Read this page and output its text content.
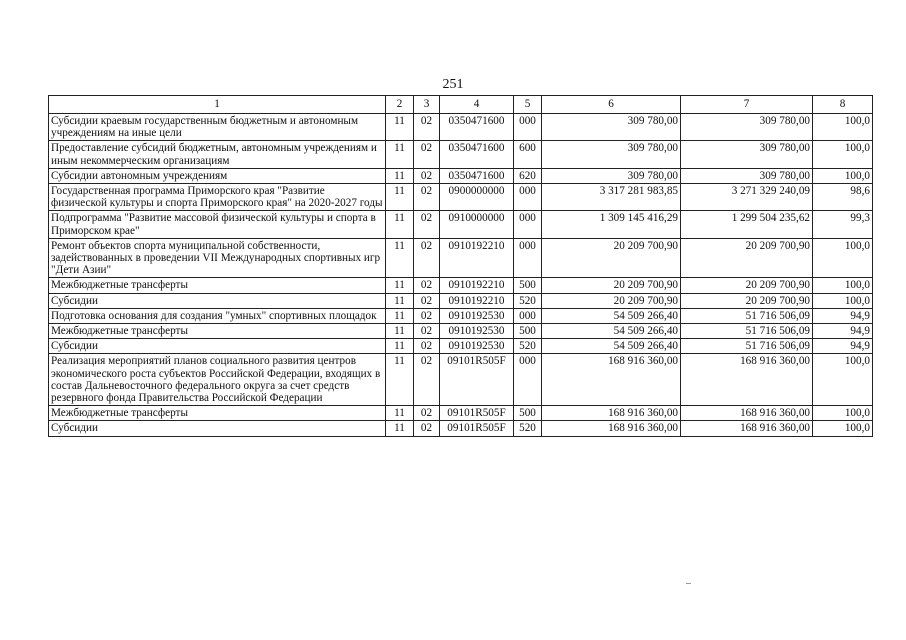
251
1	2	3	4	5	6	7	8
Субсидии краевым государственным бюджетным и автономным учреждениям на иные цели	11	02	0350471600	000	309 780,00	309 780,00	100,0
Предоставление субсидий бюджетным, автономным учреждениям и иным некоммерческим организациям	11	02	0350471600	600	309 780,00	309 780,00	100,0
Субсидии автономным учреждениям	11	02	0350471600	620	309 780,00	309 780,00	100,0
Государственная программа Приморского края "Развитие физической культуры и спорта Приморского края" на 2020-2027 годы	11	02	0900000000	000	3 317 281 983,85	3 271 329 240,09	98,6
Подпрограмма "Развитие массовой физической культуры и спорта в Приморском крае"	11	02	0910000000	000	1 309 145 416,29	1 299 504 235,62	99,3
Ремонт объектов спорта муниципальной собственности, задействованных в проведении VII Международных спортивных игр "Дети Азии"	11	02	0910192210	000	20 209 700,90	20 209 700,90	100,0
Межбюджетные трансферты	11	02	0910192210	500	20 209 700,90	20 209 700,90	100,0
Субсидии	11	02	0910192210	520	20 209 700,90	20 209 700,90	100,0
Подготовка основания для создания "умных" спортивных площадок	11	02	0910192530	000	54 509 266,40	51 716 506,09	94,9
Межбюджетные трансферты	11	02	0910192530	500	54 509 266,40	51 716 506,09	94,9
Субсидии	11	02	0910192530	520	54 509 266,40	51 716 506,09	94,9
Реализация мероприятий планов социального развития центров экономического роста субъектов Российской Федерации, входящих в состав Дальневосточного федерального округа за счет средств резервного фонда Правительства Российской Федерации	11	02	09101R505F	000	168 916 360,00	168 916 360,00	100,0
Межбюджетные трансферты	11	02	09101R505F	500	168 916 360,00	168 916 360,00	100,0
Субсидии	11	02	09101R505F	520	168 916 360,00	168 916 360,00	100,0
